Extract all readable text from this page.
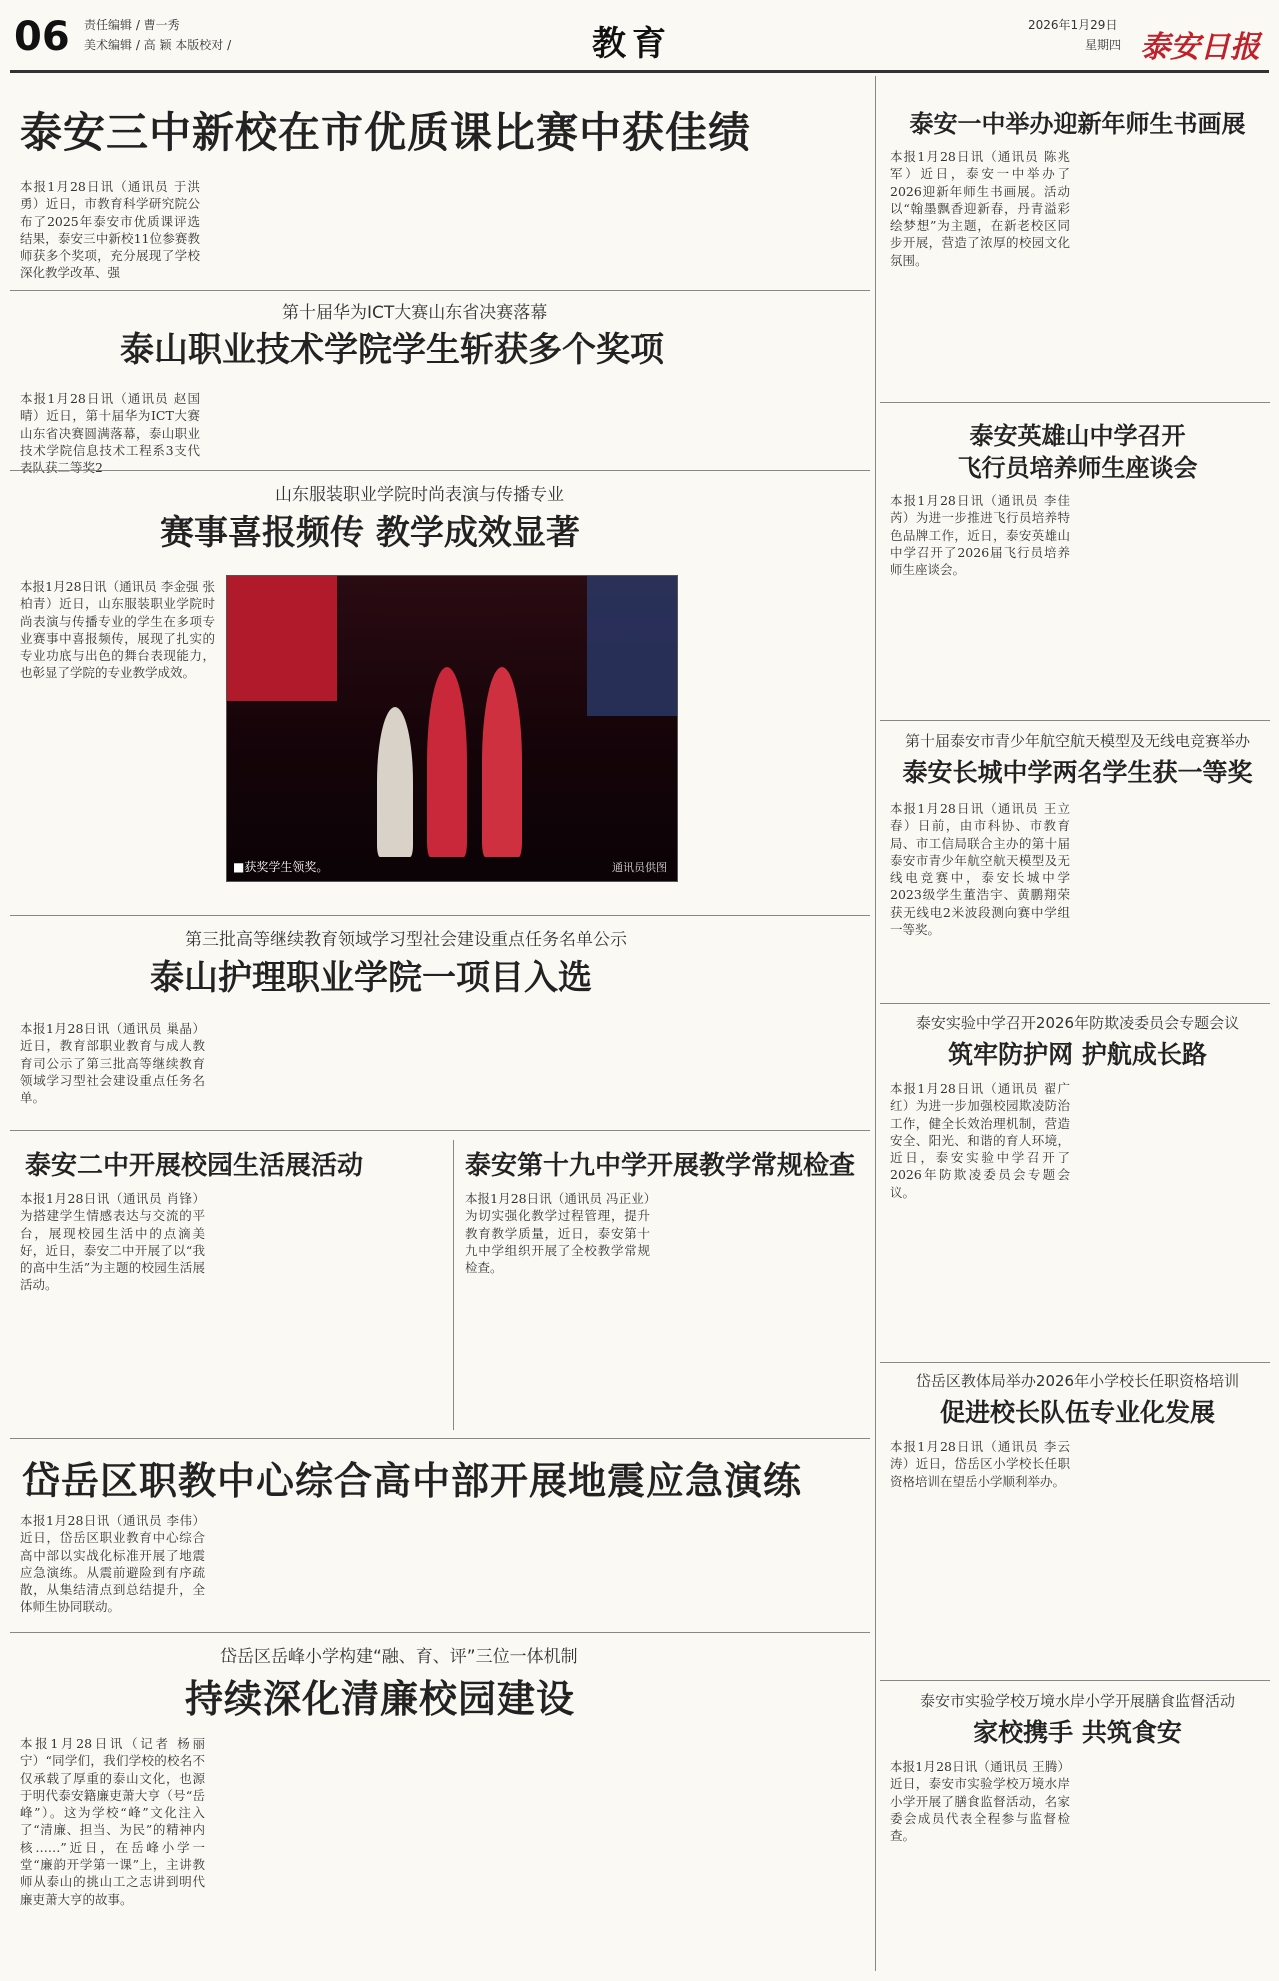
06 责任编辑 / 曹一秀
美术编辑 / 高 颖 本版校对 /	教育	2026年1月29日
星期四 泰安日报
泰安三中新校在市优质课比赛中获佳绩
本报1月28日讯（通讯员 于洪勇）近日，市教育科学研究院公布了2025年泰安市优质课评选结果，泰安三中新校11位参赛教师获多个奖项，充分展现了学校深化教学改革、强
第十届华为ICT大赛山东省决赛落幕
泰山职业技术学院学生斩获多个奖项
本报1月28日讯（通讯员 赵国晴）近日，第十届华为ICT大赛山东省决赛圆满落幕，泰山职业技术学院信息技术工程系3支代表队获二等奖2
山东服装职业学院时尚表演与传播专业
赛事喜报频传 教学成效显著
本报1月28日讯（通讯员 李金强 张柏青）近日，山东服装职业学院时尚表演与传播专业的学生在多项专业赛事中喜报频传，展现了扎实的专业功底与出色的舞台表现能力，也彰显了学院的专业教学成效。
■获奖学生领奖。	通讯员供图
第三批高等继续教育领域学习型社会建设重点任务名单公示
泰山护理职业学院一项目入选
本报1月28日讯（通讯员 巢晶）近日，教育部职业教育与成人教育司公示了第三批高等继续教育领域学习型社会建设重点任务名单。
泰安二中开展校园生活展活动
本报1月28日讯（通讯员 肖锋）为搭建学生情感表达与交流的平台，展现校园生活中的点滴美好，近日，泰安二中开展了以“我的高中生活”为主题的校园生活展活动。
泰安第十九中学开展教学常规检查
本报1月28日讯（通讯员 冯正业）为切实强化教学过程管理，提升教育教学质量，近日，泰安第十九中学组织开展了全校教学常规检查。
岱岳区职教中心综合高中部开展地震应急演练
本报1月28日讯（通讯员 李伟）近日，岱岳区职业教育中心综合高中部以实战化标准开展了地震应急演练。从震前避险到有序疏散，从集结清点到总结提升，全体师生协同联动。
岱岳区岳峰小学构建“融、育、评”三位一体机制
持续深化清廉校园建设
本报1月28日讯（记者 杨丽宁）“同学们，我们学校的校名不仅承载了厚重的泰山文化，也源于明代泰安籍廉吏萧大亨（号“岳峰”）。这为学校“峰”文化注入了“清廉、担当、为民”的精神内核……”近日，在岳峰小学一堂“廉韵开学第一课”上，主讲教师从泰山的挑山工之志讲到明代廉吏萧大亨的故事。
泰安一中举办迎新年师生书画展
本报1月28日讯（通讯员 陈兆军）近日，泰安一中举办了2026迎新年师生书画展。活动以“翰墨飘香迎新春，丹青溢彩绘梦想”为主题，在新老校区同步开展，营造了浓厚的校园文化氛围。
泰安英雄山中学召开
飞行员培养师生座谈会
本报1月28日讯（通讯员 李佳芮）为进一步推进飞行员培养特色品牌工作，近日，泰安英雄山中学召开了2026届飞行员培养师生座谈会。
第十届泰安市青少年航空航天模型及无线电竞赛举办
泰安长城中学两名学生获一等奖
本报1月28日讯（通讯员 王立春）日前，由市科协、市教育局、市工信局联合主办的第十届泰安市青少年航空航天模型及无线电竞赛中，泰安长城中学2023级学生董浩宇、黄鹏翔荣获无线电2米波段测向赛中学组一等奖。
泰安实验中学召开2026年防欺凌委员会专题会议
筑牢防护网 护航成长路
本报1月28日讯（通讯员 翟广红）为进一步加强校园欺凌防治工作，健全长效治理机制，营造安全、阳光、和谐的育人环境，近日，泰安实验中学召开了2026年防欺凌委员会专题会议。
岱岳区教体局举办2026年小学校长任职资格培训
促进校长队伍专业化发展
本报1月28日讯（通讯员 李云涛）近日，岱岳区小学校长任职资格培训在望岳小学顺利举办。
泰安市实验学校万境水岸小学开展膳食监督活动
家校携手 共筑食安
本报1月28日讯（通讯员 王腾）近日，泰安市实验学校万境水岸小学开展了膳食监督活动，名家委会成员代表全程参与监督检查。
